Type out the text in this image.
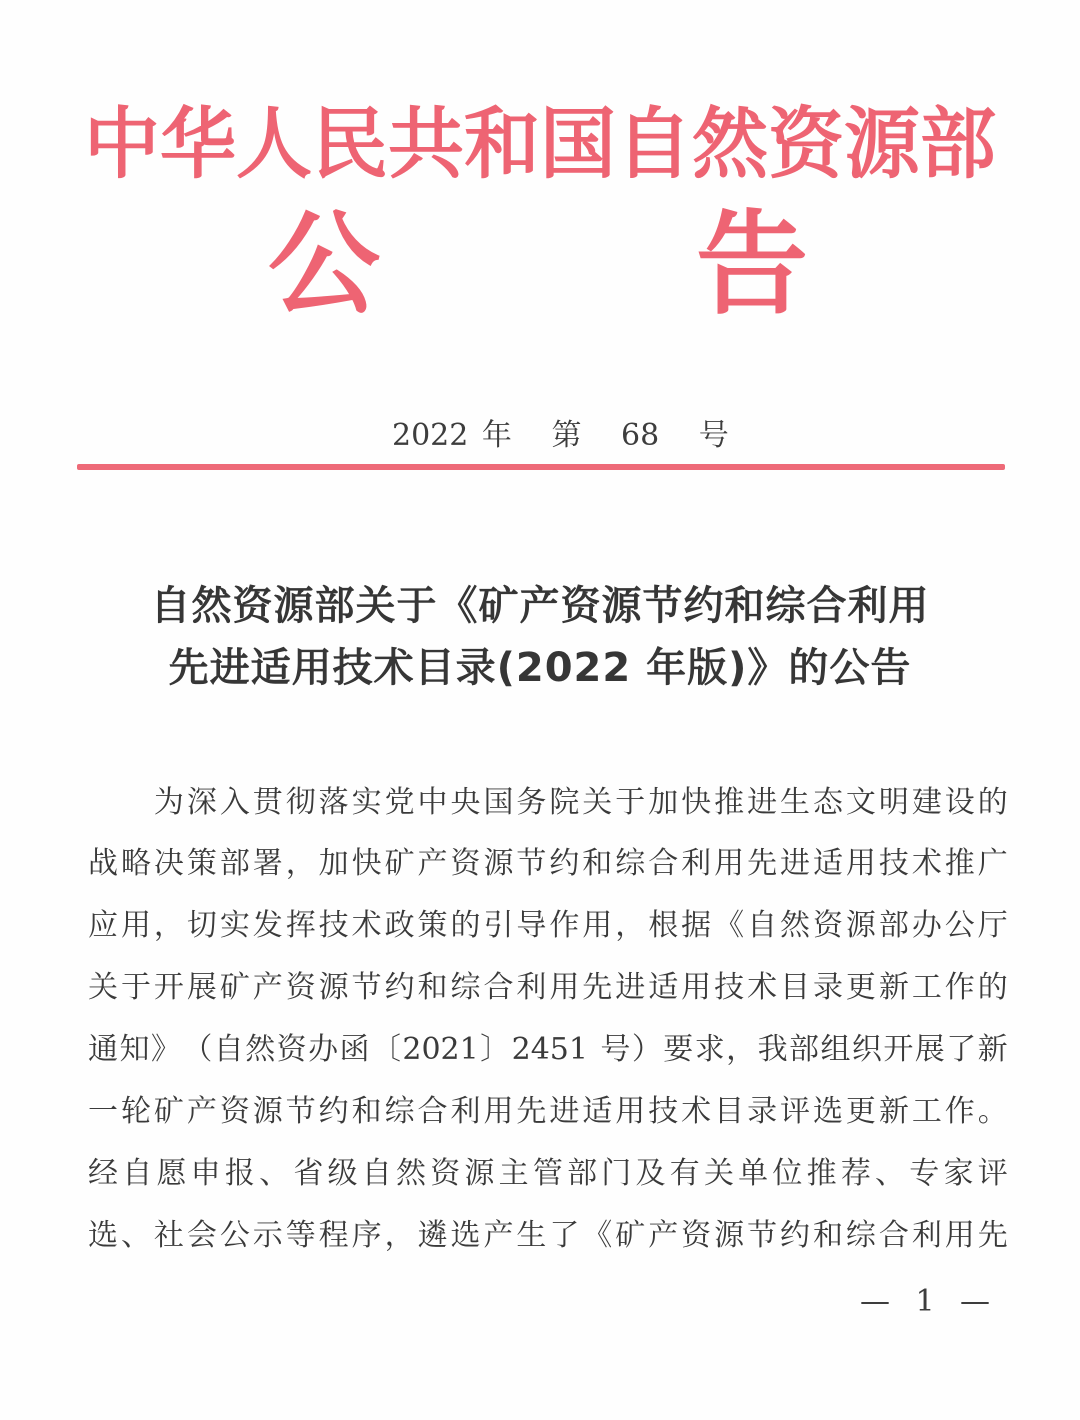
中 华 人 民 共 和 国 自 然 资 源 部
公	告
2022 年 第 68 号
自然资源部关于《矿产资源节约和综合利用
先进适用技术目录(2022 年版)》的公告

为 深 入 贯 彻 落 实 党 中 央 国 务 院 关 于 加 快 推 进 生 态 文 明 建 设 的
战 略 决 策 部 署 ， 加 快 矿 产 资 源 节 约 和 综 合 利 用 先 进 适 用 技 术 推 广
应 用 ， 切 实 发 挥 技 术 政 策 的 引 导 作 用 ， 根 据 《 自 然 资 源 部 办 公 厅
关 于 开 展 矿 产 资 源 节 约 和 综 合 利 用 先 进 适 用 技 术 目 录 更 新 工 作 的
通 知 》 （ 自 然 资 办 函 〔 2021 〕 2451
号 ） 要 求 ， 我 部 组 织 开 展 了 新
一 轮 矿 产 资 源 节 约 和 综 合 利 用 先 进 适 用 技 术 目 录 评 选 更 新 工 作 。
经 自 愿 申 报 、 省 级 自 然 资 源 主 管 部 门 及 有 关 单 位 推 荐 、 专 家 评
选 、 社 会 公 示 等 程 序 ， 遴 选 产 生 了 《 矿 产 资 源 节 约 和 综 合 利 用 先
— 1 —
